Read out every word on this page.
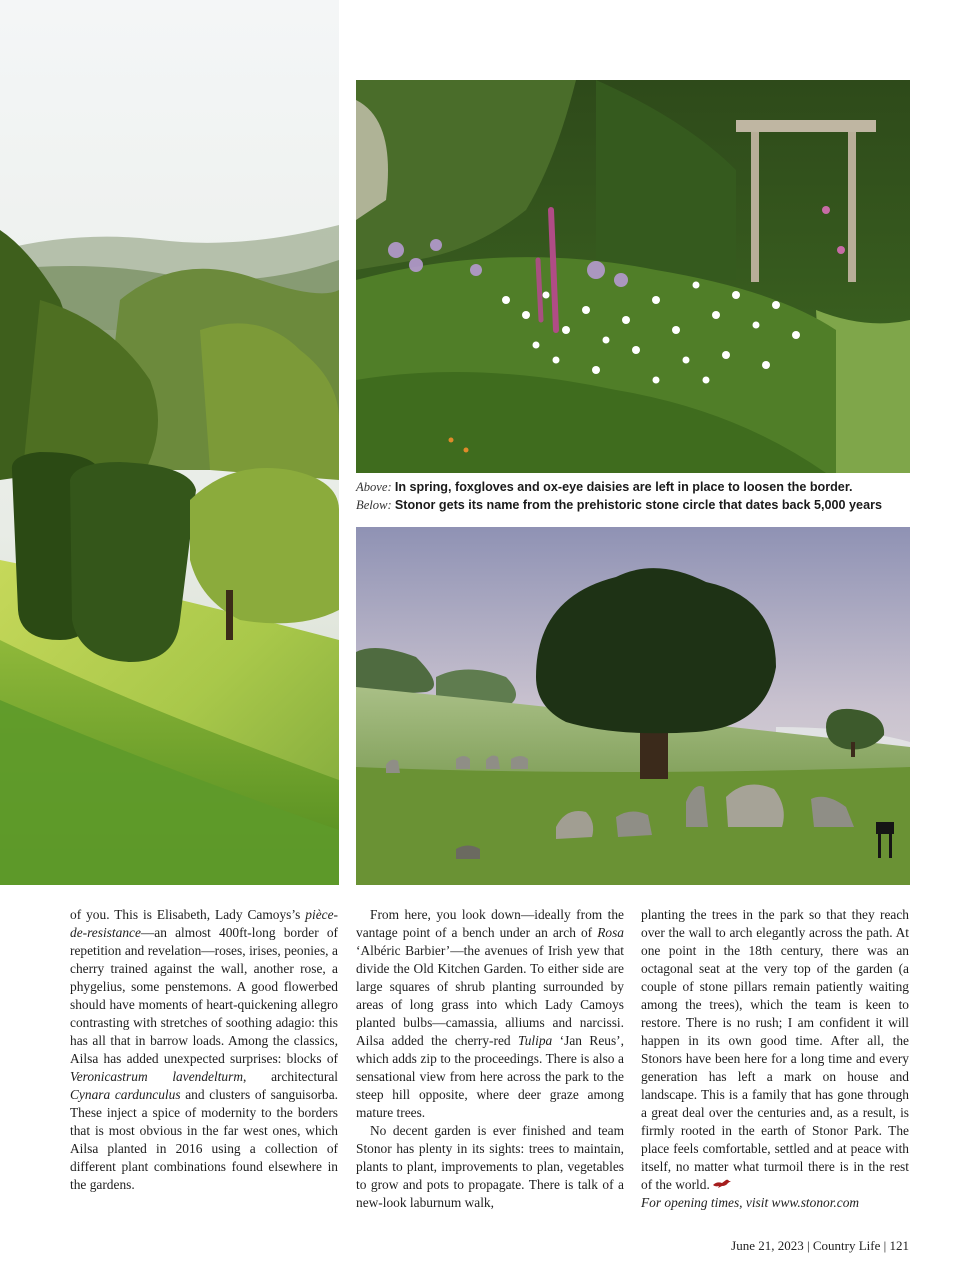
Above: In spring, foxgloves and ox-eye daisies are left in place to loosen the border.
Below: Stonor gets its name from the prehistoric stone circle that dates back 5,000 years

of you. This is Elisabeth, Lady Camoys’s pièce-de-resistance—an almost 400ft-long border of repetition and revelation—roses, irises, peonies, a cherry trained against the wall, another rose, a phygelius, some penstemons. A good flowerbed should have moments of heart-quickening allegro contrasting with stretches of soothing adagio: this has all that in barrow loads. Among the classics, Ailsa has added unexpected surprises: blocks of Veronicastrum lavendelturm, architectural Cynara cardunculus and clusters of sanguisorba. These inject a spice of modernity to the borders that is most obvious in the far west ones, which Ailsa planted in 2016 using a collection of different plant combinations found elsewhere in the gardens.

From here, you look down—ideally from the vantage point of a bench under an arch of Rosa ‘Albéric Barbier’—the avenues of Irish yew that divide the Old Kitchen Garden. To either side are large squares of shrub planting surrounded by areas of long grass into which Lady Camoys planted bulbs—camassia, alliums and narcissi. Ailsa added the cherry-red Tulipa ‘Jan Reus’, which adds zip to the proceedings. There is also a sensational view from here across the park to the steep hill opposite, where deer graze among mature trees.

No decent garden is ever finished and team Stonor has plenty in its sights: trees to maintain, plants to plant, improvements to plan, vegetables to grow and pots to propagate. There is talk of a new-look laburnum walk,

planting the trees in the park so that they reach over the wall to arch elegantly across the path. At one point in the 18th century, there was an octagonal seat at the very top of the garden (a couple of stone pillars remain patiently waiting among the trees), which the team is keen to restore. There is no rush; I am confident it will happen in its own good time. After all, the Stonors have been here for a long time and every generation has left a mark on house and landscape. This is a family that has gone through a great deal over the centuries and, as a result, is firmly rooted in the earth of Stonor Park. The place feels comfortable, settled and at peace with itself, no matter what turmoil there is in the rest of the world.

For opening times, visit www.stonor.com

June 21, 2023 | Country Life | 121
